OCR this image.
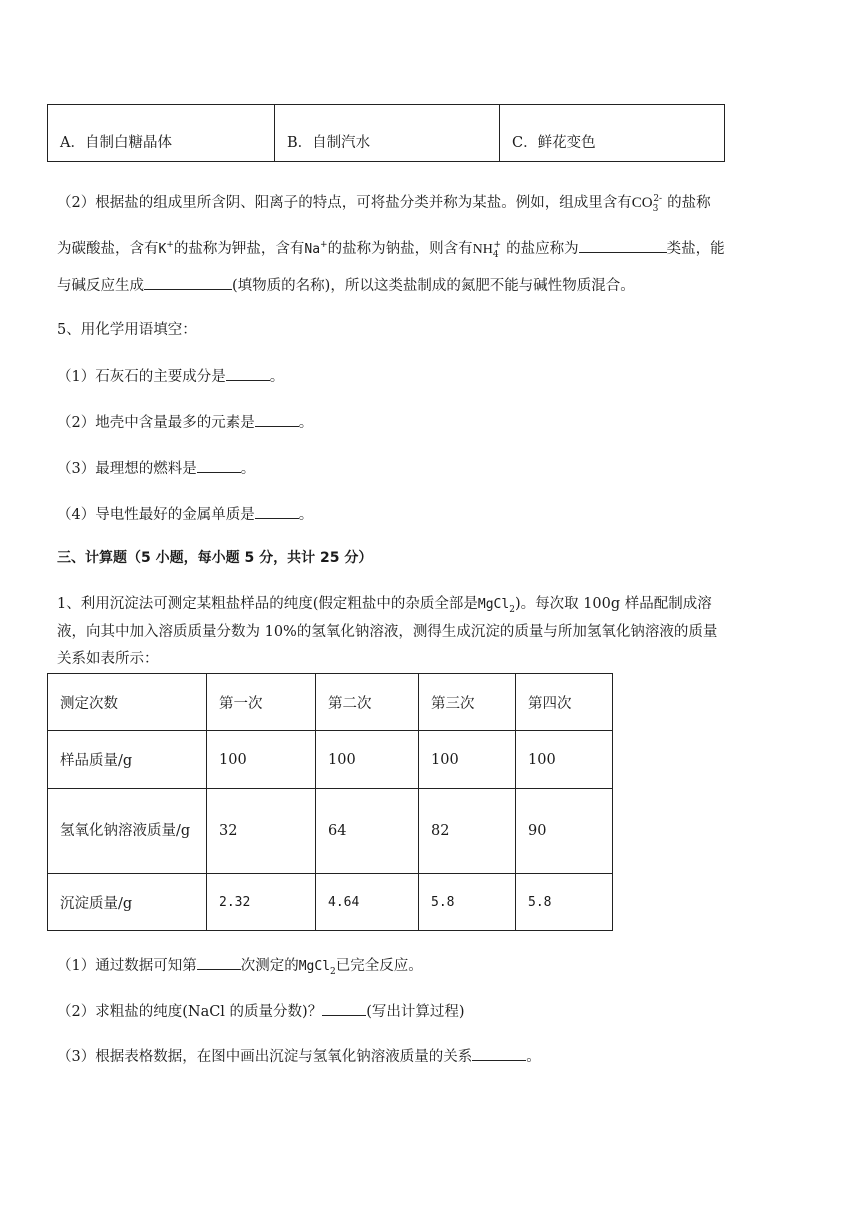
A．自制白糖晶体	B．自制汽水	C．鲜花变色
（2）根据盐的组成里所含阴、阳离子的特点，可将盐分类并称为某盐。例如，组成里含有$CO_3^{2-}$ 的盐称
为碳酸盐，含有K+的盐称为钾盐，含有Na+的盐称为钠盐，则含有$NH_4^+$ 的盐应称为	类盐，能
与碱反应生成	(填物质的名称)，所以这类盐制成的氮肥不能与碱性物质混合。
5、用化学用语填空：
（1）石灰石的主要成分是	。
（2）地壳中含量最多的元素是	。
（3）最理想的燃料是	。
（4）导电性最好的金属单质是	。
三、计算题（5 小题，每小题 5 分，共计 25 分）
1、利用沉淀法可测定某粗盐样品的纯度(假定粗盐中的杂质全部是MgCl$_2$)。每次取 100g 样品配制成溶
液，向其中加入溶质质量分数为 10%的氢氧化钠溶液，测得生成沉淀的质量与所加氢氧化钠溶液的质量
关系如表所示：
测定次数	第一次	第二次	第三次	第四次
样品质量/g	100	100	100	100
氢氧化钠溶液质量/g	32	64	82	90
沉淀质量/g	2.32	4.64	5.8	5.8
（1）通过数据可知第	次测定的MgCl$_2$已完全反应。
（2）求粗盐的纯度(NaCl 的质量分数)？	(写出计算过程)
（3）根据表格数据，在图中画出沉淀与氢氧化钠溶液质量的关系	。
